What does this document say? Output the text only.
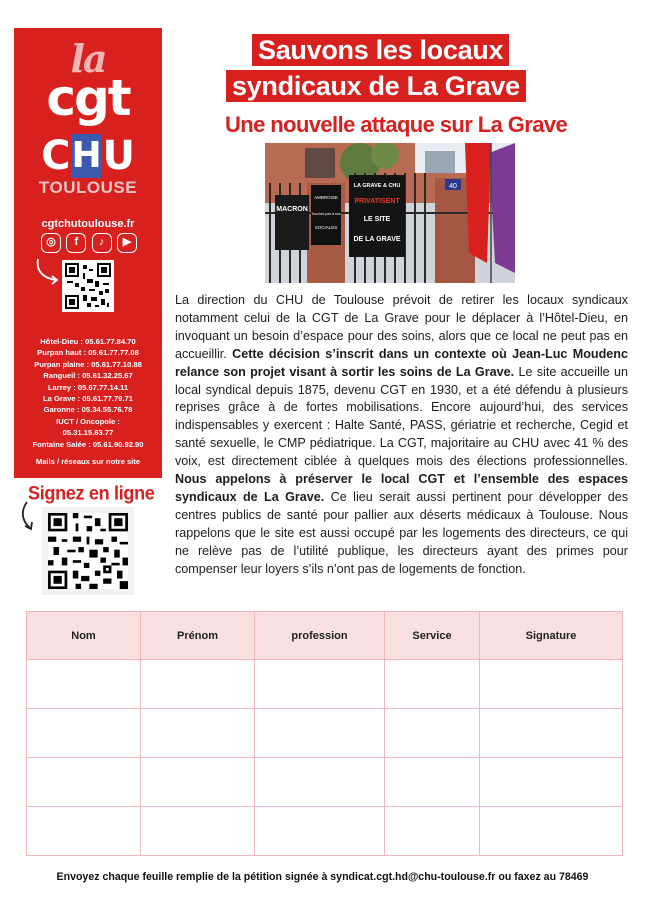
la
cgt
CHU
TOULOUSE
cgtchutoulouse.fr
◎	f	♪	▶
Hôtel-Dieu : 05.61.77.84.70
Purpan haut : 05.61.77.77.08
Purpan plaine : 05.61.77.10.88
Rangueil : 05.61.32.25.67
Larrey : 05.67.77.14.11
La Grave : 05.61.77.79.71
Garonne : 05.34.55.76.78
IUCT / Oncopole :
05.31.15.63.77
Fontaine Salée : 05.61.90.92.90
Mails / réseaux sur notre site
Signez en ligne
Sauvons les locaux
syndicaux de La Grave
Une nouvelle attaque sur La Grave
MACRON
AMBROISE
Touchez pas à nos
SOCIALES
LA GRAVE & CHU
PRIVATISENT
LE SITE
DE LA GRAVE
40
La direction du CHU de Toulouse prévoit de retirer les locaux syndicaux notamment celui de la CGT de La Grave pour le déplacer à l’Hôtel-Dieu, en invoquant un besoin d’espace pour des soins, alors que ce local ne peut pas en accueillir. Cette décision s’inscrit dans un contexte où Jean-Luc Moudenc relance son projet visant à sortir les soins de La Grave. Le site accueille un local syndical depuis 1875, devenu CGT en 1930, et a été défendu à plusieurs reprises grâce à de fortes mobilisations. Encore aujourd’hui, des services indispensables y exercent : Halte Santé, PASS, gériatrie et recherche, Cegid et santé sexuelle, le CMP pédiatrique. La CGT, majoritaire au CHU avec 41 % des voix, est directement ciblée à quelques mois des élections professionnelles. Nous appelons à préserver le local CGT et l’ensemble des espaces syndicaux de La Grave. Ce lieu serait aussi pertinent pour développer des centres publics de santé pour pallier aux déserts médicaux à Toulouse. Nous rappelons que le site est aussi occupé par les logements des directeurs, ce qui ne relève pas de l’utilité publique, les directeurs ayant des primes pour compenser leur loyers s’ils n’ont pas de logements de fonction.
Nom	Prénom	profession	Service	Signature

Envoyez chaque feuille remplie de la pétition signée à syndicat.cgt.hd@chu-toulouse.fr ou faxez au 78469
